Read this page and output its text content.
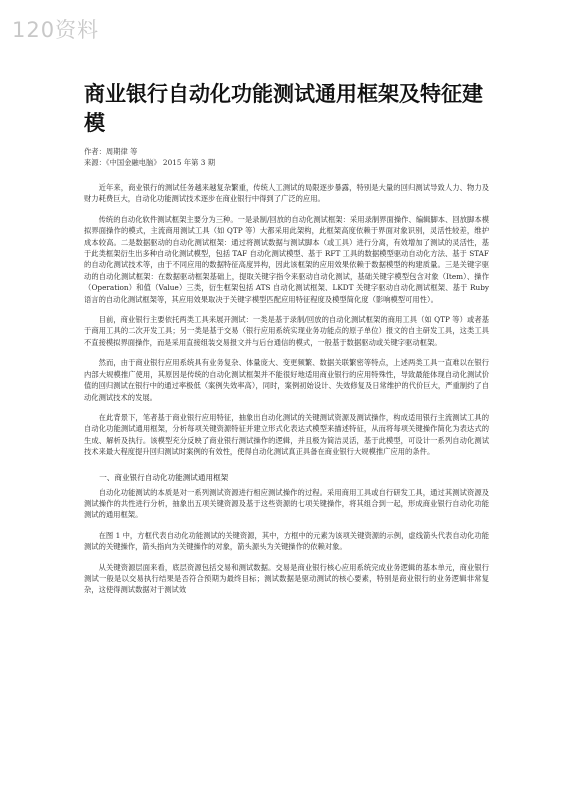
120资料
商业银行自动化功能测试通用框架及特征建模
作者：周期律 等
来源：《中国金融电脑》 2015 年第 3 期

近年来，商业银行的测试任务越来越复杂繁重，传统人工测试的局限逐步暴露，特别是大量的回归测试导致人力、物力及财力耗费巨大，自动化功能测试技术逐步在商业银行中得到了广泛的应用。

传统的自动化软件测试框架主要分为三种。一是录制/回放的自动化测试框架：采用录制界面操作、编辑脚本、回放脚本模拟界面操作的模式，主流商用测试工具（如 QTP 等）大都采用此架构，此框架高度依赖于界面对象识别，灵活性较差，维护成本较高。二是数据驱动的自动化测试框架：通过将测试数据与测试脚本（或工具）进行分离，有效增加了测试的灵活性，基于此类框架衍生出多种自动化测试模型，包括 TAF 自动化测试模型、基于 RFT 工具的数据模型驱动自动化方法、基于 STAF 的自动化测试技术等，由于不同应用的数据特征高度异构，因此该框架的应用效果依赖于数据模型的构建质量。三是关键字驱动的自动化测试框架：在数据驱动框架基础上，提取关键字指令来驱动自动化测试，基础关键字模型包含对象（Item）、操作（Operation）和值（Value）三类，衍生框架包括 ATS 自动化测试框架、LKDT 关键字驱动自动化测试框架、基于 Ruby 语言的自动化测试框架等，其应用效果取决于关键字模型匹配应用特征程度及模型简化度（影响模型可用性）。

目前，商业银行主要依托两类工具来展开测试：一类是基于录制/回放的自动化测试框架的商用工具（如 QTP 等）或者基于商用工具的二次开发工具；另一类是基于交易（银行应用系统实现业务功能点的原子单位）报文的自主研发工具，这类工具不直接模拟界面操作，而是采用直接组装交易报文并与后台通信的模式，一般基于数据驱动或关键字驱动框架。

然而，由于商业银行应用系统具有业务复杂、体量庞大、变更频繁、数据关联繁密等特点，上述两类工具一直难以在银行内部大规模推广使用，其原因是传统的自动化测试框架并不能很好地适用商业银行的应用特殊性，导致最能体现自动化测试价值的回归测试在银行中的通过率极低（案例失效率高），同时，案例初始设计、失效修复及日常维护的代价巨大，严重制约了自动化测试技术的发展。

在此背景下，笔者基于商业银行应用特征，抽象出自动化测试的关键测试资源及测试操作，构成适用银行主流测试工具的自动化功能测试通用框架，分析每项关键资源特征并建立形式化表达式模型来描述特征，从而将每项关键操作简化为表达式的生成、解析及执行。该模型充分反映了商业银行测试操作的逻辑，并且极为简洁灵活，基于此模型，可设计一系列自动化测试技术来最大程度提升回归测试时案例的有效性，使得自动化测试真正具备在商业银行大规模推广应用的条件。

一、商业银行自动化功能测试通用框架

自动化功能测试的本质是对一系列测试资源进行相应测试操作的过程。采用商用工具或自行研发工具，通过其测试资源及测试操作的共性进行分析，抽象出五项关键资源及基于这些资源的七项关键操作，将其组合到一起，形成商业银行自动化功能测试的通用框架。

在图 1 中，方框代表自动化功能测试的关键资源，其中，方框中的元素为该项关键资源的示例，虚线箭头代表自动化功能测试的关键操作，箭头指向为关键操作的对象，箭头源头为关键操作的依赖对象。

从关键资源层面来看，底层资源包括交易和测试数据。交易是商业银行核心应用系统完成业务逻辑的基本单元，商业银行测试一般是以交易执行结果是否符合预期为最终目标；测试数据是驱动测试的核心要素，特别是商业银行的业务逻辑非常复杂，这使得测试数据对于测试效
